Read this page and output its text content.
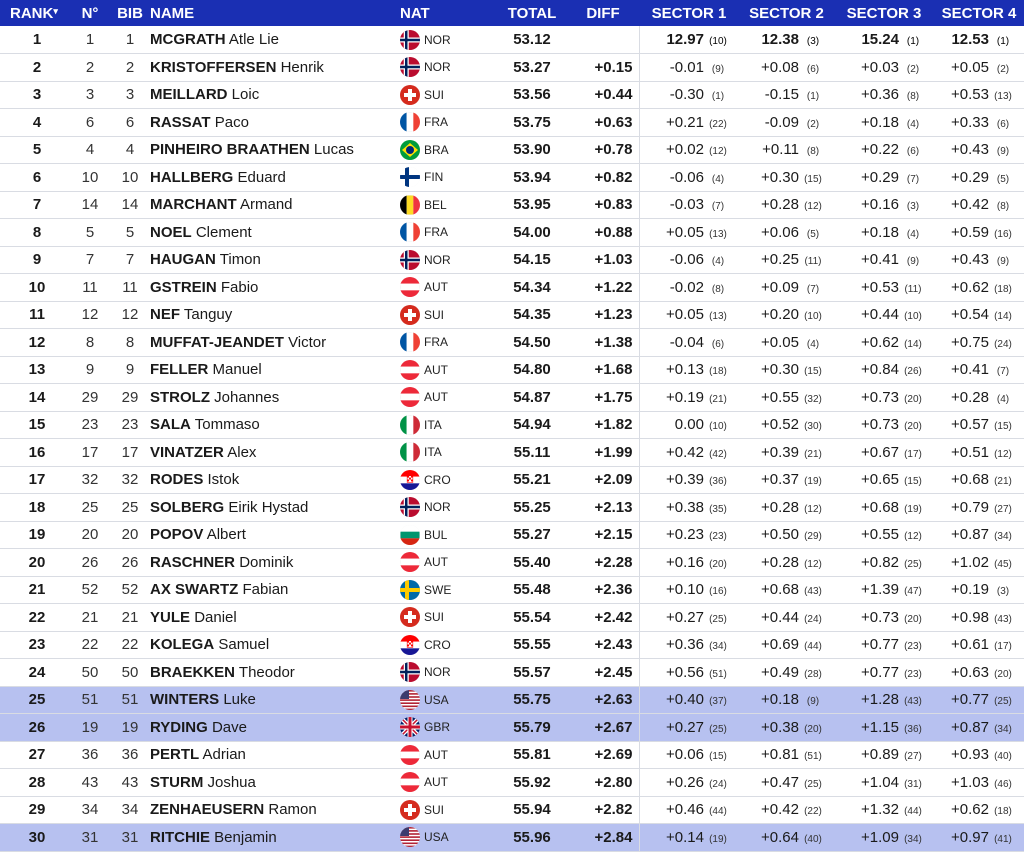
RANK▾	N°	BIB	NAME	NAT	TOTAL	DIFF	SECTOR 1	SECTOR 2	SECTOR 3	SECTOR 4
1	1	1	MCGRATH Atle Lie	NOR	53.12		12.97 (10)	12.38 (3)	15.24 (1)	12.53 (1)
2	2	2	KRISTOFFERSEN Henrik	NOR	53.27	+0.15	-0.01 (9)	+0.08 (6)	+0.03 (2)	+0.05 (2)
3	3	3	MEILLARD Loic	SUI	53.56	+0.44	-0.30 (1)	-0.15 (1)	+0.36 (8)	+0.53 (13)
4	6	6	RASSAT Paco	FRA	53.75	+0.63	+0.21 (22)	-0.09 (2)	+0.18 (4)	+0.33 (6)
5	4	4	PINHEIRO BRAATHEN Lucas	BRA	53.90	+0.78	+0.02 (12)	+0.11 (8)	+0.22 (6)	+0.43 (9)
6	10	10	HALLBERG Eduard	FIN	53.94	+0.82	-0.06 (4)	+0.30 (15)	+0.29 (7)	+0.29 (5)
7	14	14	MARCHANT Armand	BEL	53.95	+0.83	-0.03 (7)	+0.28 (12)	+0.16 (3)	+0.42 (8)
8	5	5	NOEL Clement	FRA	54.00	+0.88	+0.05 (13)	+0.06 (5)	+0.18 (4)	+0.59 (16)
9	7	7	HAUGAN Timon	NOR	54.15	+1.03	-0.06 (4)	+0.25 (11)	+0.41 (9)	+0.43 (9)
10	11	11	GSTREIN Fabio	AUT	54.34	+1.22	-0.02 (8)	+0.09 (7)	+0.53 (11)	+0.62 (18)
11	12	12	NEF Tanguy	SUI	54.35	+1.23	+0.05 (13)	+0.20 (10)	+0.44 (10)	+0.54 (14)
12	8	8	MUFFAT-JEANDET Victor	FRA	54.50	+1.38	-0.04 (6)	+0.05 (4)	+0.62 (14)	+0.75 (24)
13	9	9	FELLER Manuel	AUT	54.80	+1.68	+0.13 (18)	+0.30 (15)	+0.84 (26)	+0.41 (7)
14	29	29	STROLZ Johannes	AUT	54.87	+1.75	+0.19 (21)	+0.55 (32)	+0.73 (20)	+0.28 (4)
15	23	23	SALA Tommaso	ITA	54.94	+1.82	0.00 (10)	+0.52 (30)	+0.73 (20)	+0.57 (15)
16	17	17	VINATZER Alex	ITA	55.11	+1.99	+0.42 (42)	+0.39 (21)	+0.67 (17)	+0.51 (12)
17	32	32	RODES Istok	CRO	55.21	+2.09	+0.39 (36)	+0.37 (19)	+0.65 (15)	+0.68 (21)
18	25	25	SOLBERG Eirik Hystad	NOR	55.25	+2.13	+0.38 (35)	+0.28 (12)	+0.68 (19)	+0.79 (27)
19	20	20	POPOV Albert	BUL	55.27	+2.15	+0.23 (23)	+0.50 (29)	+0.55 (12)	+0.87 (34)
20	26	26	RASCHNER Dominik	AUT	55.40	+2.28	+0.16 (20)	+0.28 (12)	+0.82 (25)	+1.02 (45)
21	52	52	AX SWARTZ Fabian	SWE	55.48	+2.36	+0.10 (16)	+0.68 (43)	+1.39 (47)	+0.19 (3)
22	21	21	YULE Daniel	SUI	55.54	+2.42	+0.27 (25)	+0.44 (24)	+0.73 (20)	+0.98 (43)
23	22	22	KOLEGA Samuel	CRO	55.55	+2.43	+0.36 (34)	+0.69 (44)	+0.77 (23)	+0.61 (17)
24	50	50	BRAEKKEN Theodor	NOR	55.57	+2.45	+0.56 (51)	+0.49 (28)	+0.77 (23)	+0.63 (20)
25	51	51	WINTERS Luke	USA	55.75	+2.63	+0.40 (37)	+0.18 (9)	+1.28 (43)	+0.77 (25)
26	19	19	RYDING Dave	GBR	55.79	+2.67	+0.27 (25)	+0.38 (20)	+1.15 (36)	+0.87 (34)
27	36	36	PERTL Adrian	AUT	55.81	+2.69	+0.06 (15)	+0.81 (51)	+0.89 (27)	+0.93 (40)
28	43	43	STURM Joshua	AUT	55.92	+2.80	+0.26 (24)	+0.47 (25)	+1.04 (31)	+1.03 (46)
29	34	34	ZENHAEUSERN Ramon	SUI	55.94	+2.82	+0.46 (44)	+0.42 (22)	+1.32 (44)	+0.62 (18)
30	31	31	RITCHIE Benjamin	USA	55.96	+2.84	+0.14 (19)	+0.64 (40)	+1.09 (34)	+0.97 (41)
